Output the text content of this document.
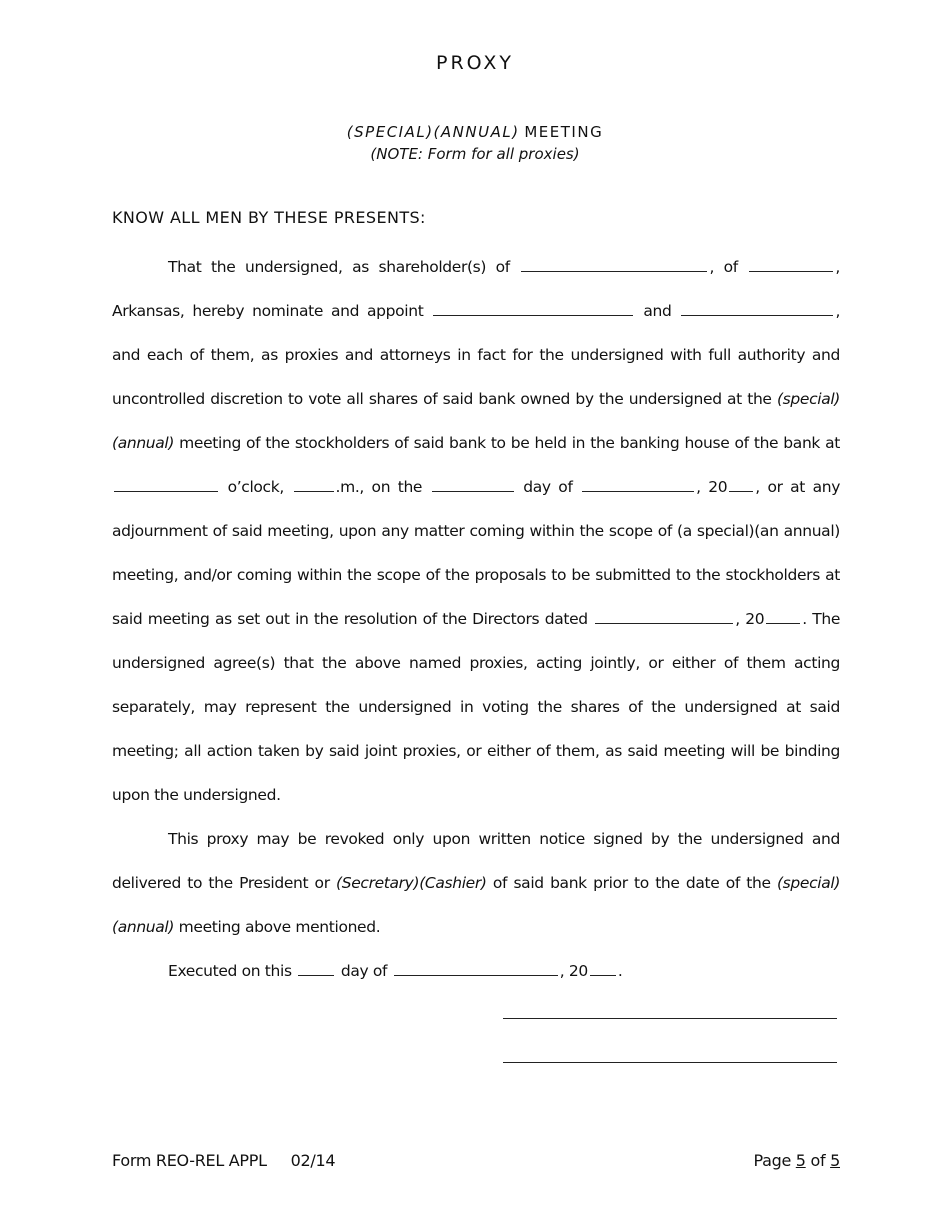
PROXY
(SPECIAL)(ANNUAL) MEETING
(NOTE: Form for all proxies)
KNOW ALL MEN BY THESE PRESENTS:

That the undersigned, as shareholder(s) of	, of	, Arkansas, hereby nominate and appoint	and	, and each of them, as proxies and attorneys in fact for the undersigned with full authority and uncontrolled discretion to vote all shares of said bank owned by the undersigned at the (special)(annual) meeting of the stockholders of said bank to be held in the banking house of the bank at  o’clock,	.m., on the	day of	, 20 , or at any adjournment of said meeting, upon any matter coming within the scope of (a special)(an annual) meeting, and/or coming within the scope of the proposals to be submitted to the stockholders at said meeting as set out in the resolution of the Directors dated	, 20 . The undersigned agree(s) that the above named proxies, acting jointly, or either of them acting separately, may represent the undersigned in voting the shares of the undersigned at said meeting; all action taken by said joint proxies, or either of them, as said meeting will be binding upon the undersigned.

This proxy may be revoked only upon written notice signed by the undersigned and delivered to the President or (Secretary)(Cashier) of said bank prior to the date of the (special)(annual) meeting above mentioned.

Executed on this	day of	, 20 .

Form REO-REL APPL     02/14	Page 5 of 5
